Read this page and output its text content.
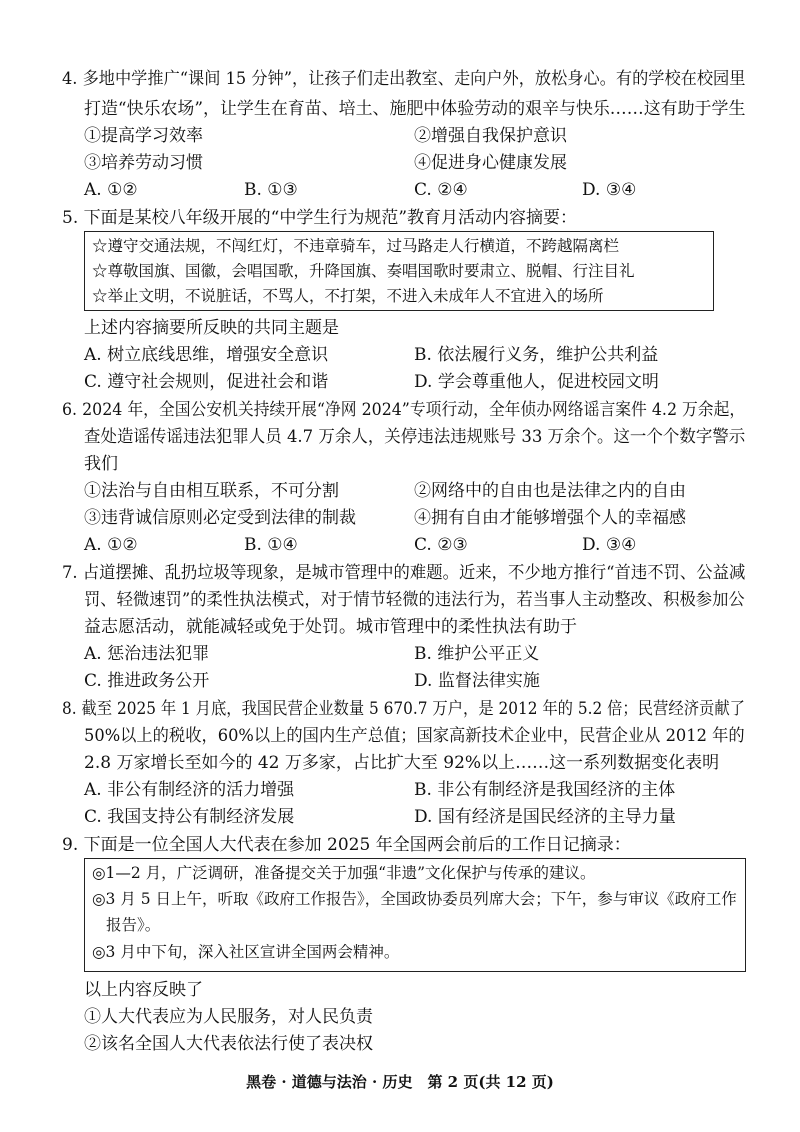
4. 多地中学推广“课间 15 分钟”，让孩子们走出教室、走向户外，放松身心。有的学校在校园里
打造“快乐农场”，让学生在育苗、培土、施肥中体验劳动的艰辛与快乐……这有助于学生
①提高学习效率	②增强自我保护意识
③培养劳动习惯	④促进身心健康发展
A. ①②	B. ①③	C. ②④	D. ③④
5. 下面是某校八年级开展的“中学生行为规范”教育月活动内容摘要：
☆遵守交通法规，不闯红灯，不违章骑车，过马路走人行横道，不跨越隔离栏
☆尊敬国旗、国徽，会唱国歌，升降国旗、奏唱国歌时要肃立、脱帽、行注目礼
☆举止文明，不说脏话，不骂人，不打架，不进入未成年人不宜进入的场所
上述内容摘要所反映的共同主题是
A. 树立底线思维，增强安全意识	B. 依法履行义务，维护公共利益
C. 遵守社会规则，促进社会和谐	D. 学会尊重他人，促进校园文明
6. 2024 年，全国公安机关持续开展“净网 2024”专项行动，全年侦办网络谣言案件 4.2 万余起，
查处造谣传谣违法犯罪人员 4.7 万余人，关停违法违规账号 33 万余个。这一个个数字警示
我们
①法治与自由相互联系，不可分割	②网络中的自由也是法律之内的自由
③违背诚信原则必定受到法律的制裁	④拥有自由才能够增强个人的幸福感
A. ①②	B. ①④	C. ②③	D. ③④
7. 占道摆摊、乱扔垃圾等现象，是城市管理中的难题。近来，不少地方推行“首违不罚、公益减
罚、轻微速罚”的柔性执法模式，对于情节轻微的违法行为，若当事人主动整改、积极参加公
益志愿活动，就能减轻或免于处罚。城市管理中的柔性执法有助于
A. 惩治违法犯罪	B. 维护公平正义
C. 推进政务公开	D. 监督法律实施
8. 截至 2025 年 1 月底，我国民营企业数量 5 670.7 万户，是 2012 年的 5.2 倍；民营经济贡献了
50%以上的税收，60%以上的国内生产总值；国家高新技术企业中，民营企业从 2012 年的
2.8 万家增长至如今的 42 万多家，占比扩大至 92%以上……这一系列数据变化表明
A. 非公有制经济的活力增强	B. 非公有制经济是我国经济的主体
C. 我国支持公有制经济发展	D. 国有经济是国民经济的主导力量
9. 下面是一位全国人大代表在参加 2025 年全国两会前后的工作日记摘录：
◎1—2 月，广泛调研，准备提交关于加强“非遗”文化保护与传承的建议。
◎3 月 5 日上午，听取《政府工作报告》，全国政协委员列席大会；下午，参与审议《政府工作
报告》。
◎3 月中下旬，深入社区宣讲全国两会精神。
以上内容反映了
①人大代表应为人民服务，对人民负责
②该名全国人大代表依法行使了表决权
黑卷 · 道德与法治 · 历史　第 2 页(共 12 页)
